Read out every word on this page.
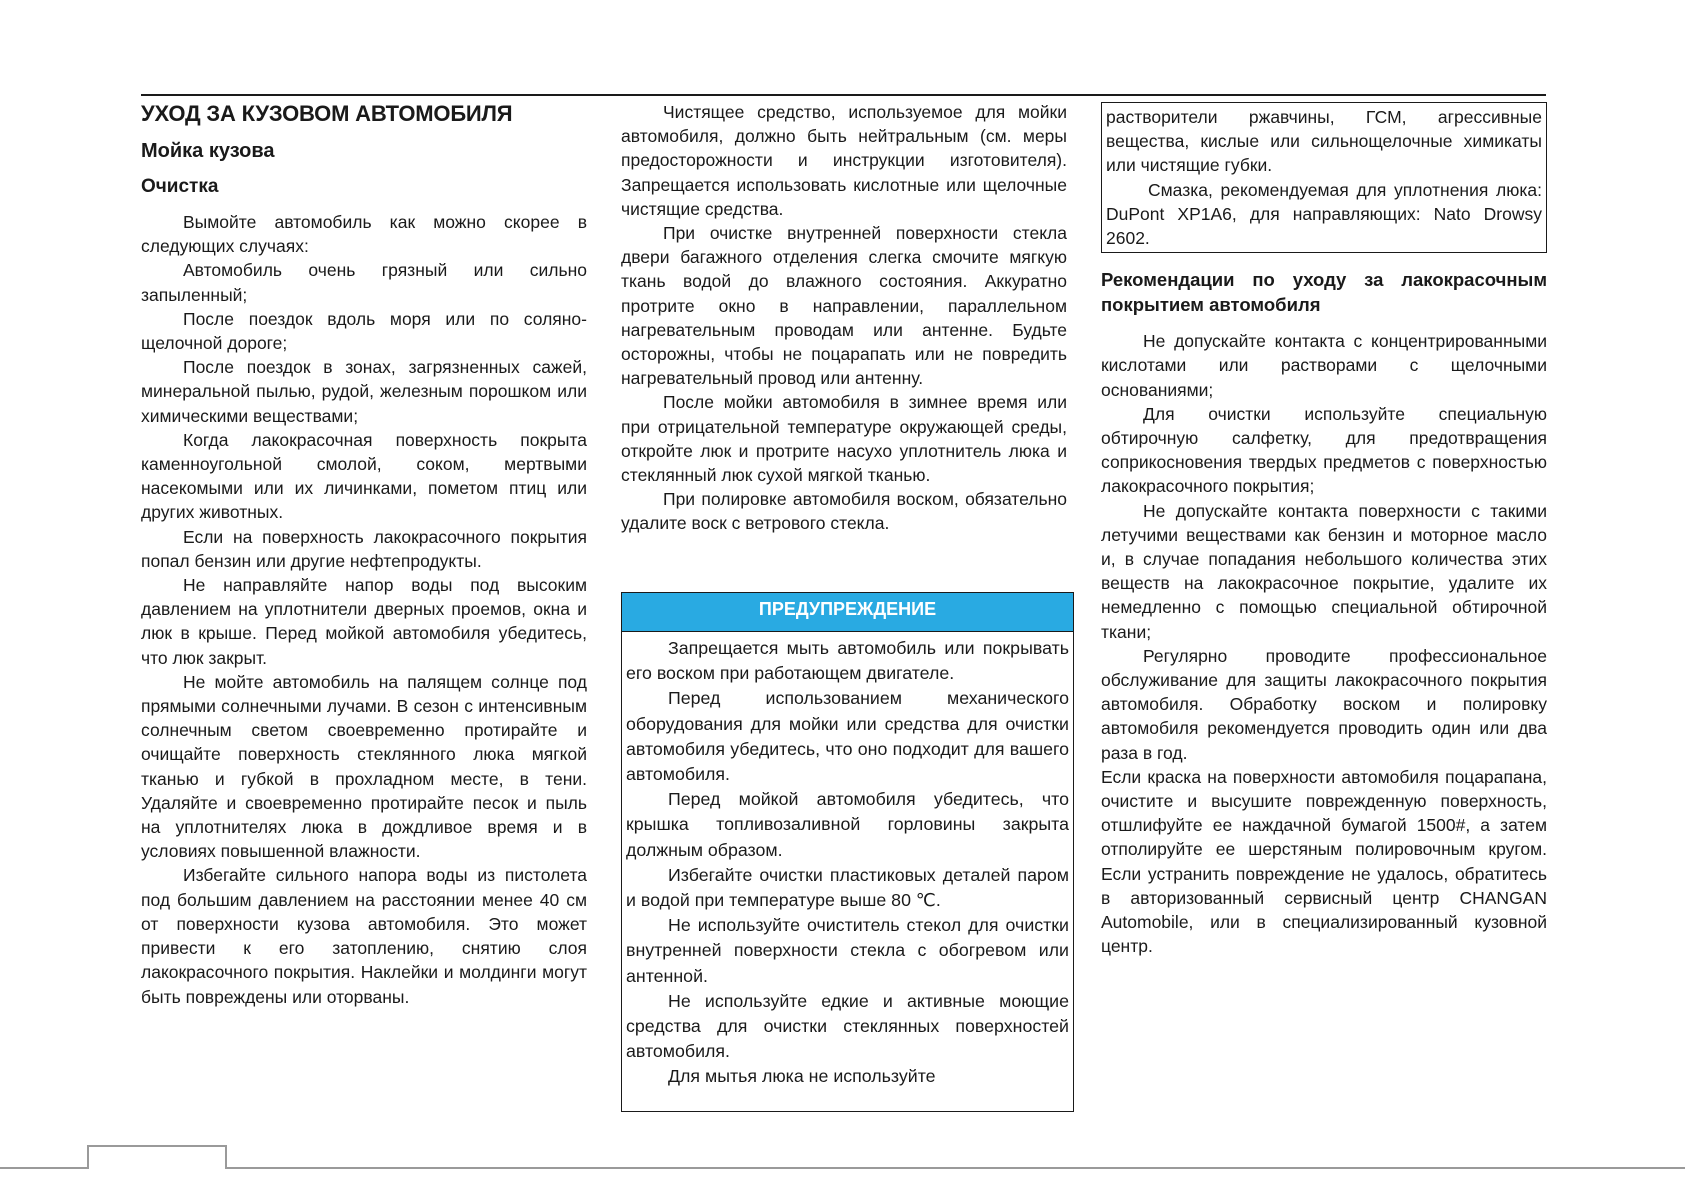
УХОД ЗА КУЗОВОМ АВТОМОБИЛЯ
Мойка кузова
Очистка

Вымойте автомобиль как можно скорее в следующих случаях:

Автомобиль очень грязный или сильно запыленный;

После поездок вдоль моря или по соляно-щелочной дороге;

После поездок в зонах, загрязненных сажей, минеральной пылью, рудой, железным порошком или химическими веществами;

Когда лакокрасочная поверхность покрыта каменноугольной смолой, соком, мертвыми насекомыми или их личинками, пометом птиц или других животных.

Если на поверхность лакокрасочного покрытия попал бензин или другие нефтепродукты.

Не направляйте напор воды под высоким давлением на уплотнители дверных проемов, окна и люк в крыше. Перед мойкой автомобиля убедитесь, что люк закрыт.

Не мойте автомобиль на палящем солнце под прямыми солнечными лучами. В сезон с интенсивным солнечным светом своевременно протирайте и очищайте поверхность стеклянного люка мягкой тканью и губкой в прохладном месте, в тени. Удаляйте и своевременно протирайте песок и пыль на уплотнителях люка в дождливое время и в условиях повышенной влажности.

Избегайте сильного напора воды из пистолета под большим давлением на расстоянии менее 40 см от поверхности кузова автомобиля. Это может привести к его затоплению, снятию слоя лакокрасочного покрытия. Наклейки и молдинги могут быть повреждены или оторваны.

Чистящее средство, используемое для мойки автомобиля, должно быть нейтральным (см. меры предосторожности и инструкции изготовителя). Запрещается использовать кислотные или щелочные чистящие средства.

При очистке внутренней поверхности стекла двери багажного отделения слегка смочите мягкую ткань водой до влажного состояния. Аккуратно протрите окно в направлении, параллельном нагревательным проводам или антенне. Будьте осторожны, чтобы не поцарапать или не повредить нагревательный провод или антенну.

После мойки автомобиля в зимнее время или при отрицательной температуре окружающей среды, откройте люк и протрите насухо уплотнитель люка и стеклянный люк сухой мягкой тканью.

При полировке автомобиля воском, обязательно удалите воск с ветрового стекла.

ПРЕДУПРЕЖДЕНИЕ

Запрещается мыть автомобиль или покрывать его воском при работающем двигателе.

Перед использованием механического оборудования для мойки или средства для очистки автомобиля убедитесь, что оно подходит для вашего автомобиля.

Перед мойкой автомобиля убедитесь, что крышка топливозаливной горловины закрыта должным образом.

Избегайте очистки пластиковых деталей паром и водой при температуре выше 80 ℃.

Не используйте очиститель стекол для очистки внутренней поверхности стекла с обогревом или антенной.

Не используйте едкие и активные моющие средства для очистки стеклянных поверхностей автомобиля.

Для мытья люка не используйте

растворители ржавчины, ГСМ, агрессивные вещества, кислые или сильнощелочные химикаты или чистящие губки.

Смазка, рекомендуемая для уплотнения люка: DuPont XP1A6, для направляющих: Nato Drowsy 2602.

Рекомендации по уходу за лакокрасочным покрытием автомобиля

Не допускайте контакта с концентрированными кислотами или растворами с щелочными основаниями;

Для очистки используйте специальную обтирочную салфетку, для предотвращения соприкосновения твердых предметов с поверхностью лакокрасочного покрытия;

Не допускайте контакта поверхности с такими летучими веществами как бензин и моторное масло и, в случае попадания небольшого количества этих веществ на лакокрасочное покрытие, удалите их немедленно с помощью специальной обтирочной ткани;

Регулярно проводите профессиональное обслуживание для защиты лакокрасочного покрытия автомобиля. Обработку воском и полировку автомобиля рекомендуется проводить один или два раза в год.

Если краска на поверхности автомобиля поцарапана, очистите и высушите поврежденную поверхность, отшлифуйте ее наждачной бумагой 1500#, а затем отполируйте ее шерстяным полировочным кругом. Если устранить повреждение не удалось, обратитесь в авторизованный сервисный центр CHANGAN Automobile, или в специализированный кузовной центр.
